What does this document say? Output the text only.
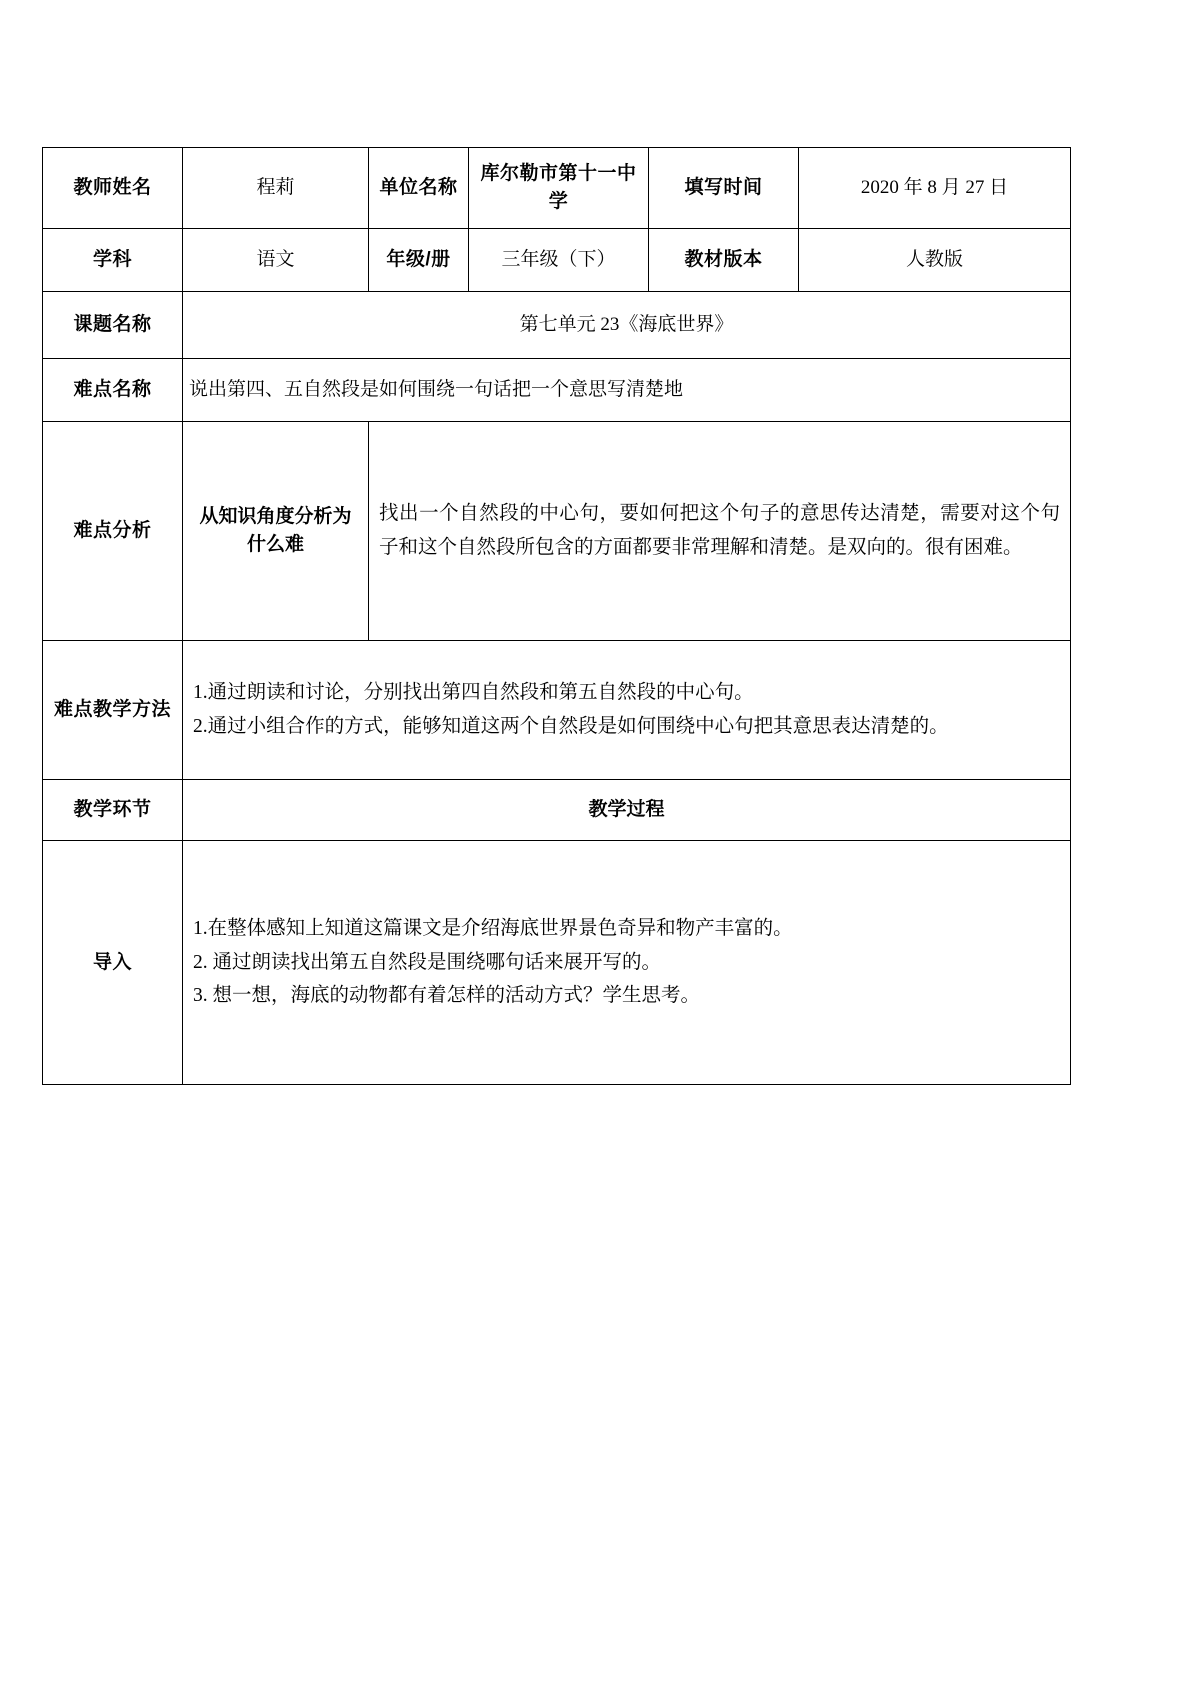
教师姓名	程莉	单位名称	库尔勒市第十一中学	填写时间	2020 年 8 月 27 日
学科	语文	年级/册	三年级（下）	教材版本	人教版
课题名称	第七单元 23《海底世界》				
难点名称	说出第四、五自然段是如何围绕一句话把一个意思写清楚地				
难点分析	从知识角度分析为什么难	找出一个自然段的中心句，要如何把这个句子的意思传达清楚，需要对这个句子和这个自然段所包含的方面都要非常理解和清楚。是双向的。很有困难。			

难点教学方法	1.通过朗读和讨论，分别找出第四自然段和第五自然段的中心句。
2.通过小组合作的方式，能够知道这两个自然段是如何围绕中心句把其意思表达清楚的。				

教学环节	教学过程				
导入	1.在整体感知上知道这篇课文是介绍海底世界景色奇异和物产丰富的。
2. 通过朗读找出第五自然段是围绕哪句话来展开写的。
3. 想一想，海底的动物都有着怎样的活动方式？学生思考。				
